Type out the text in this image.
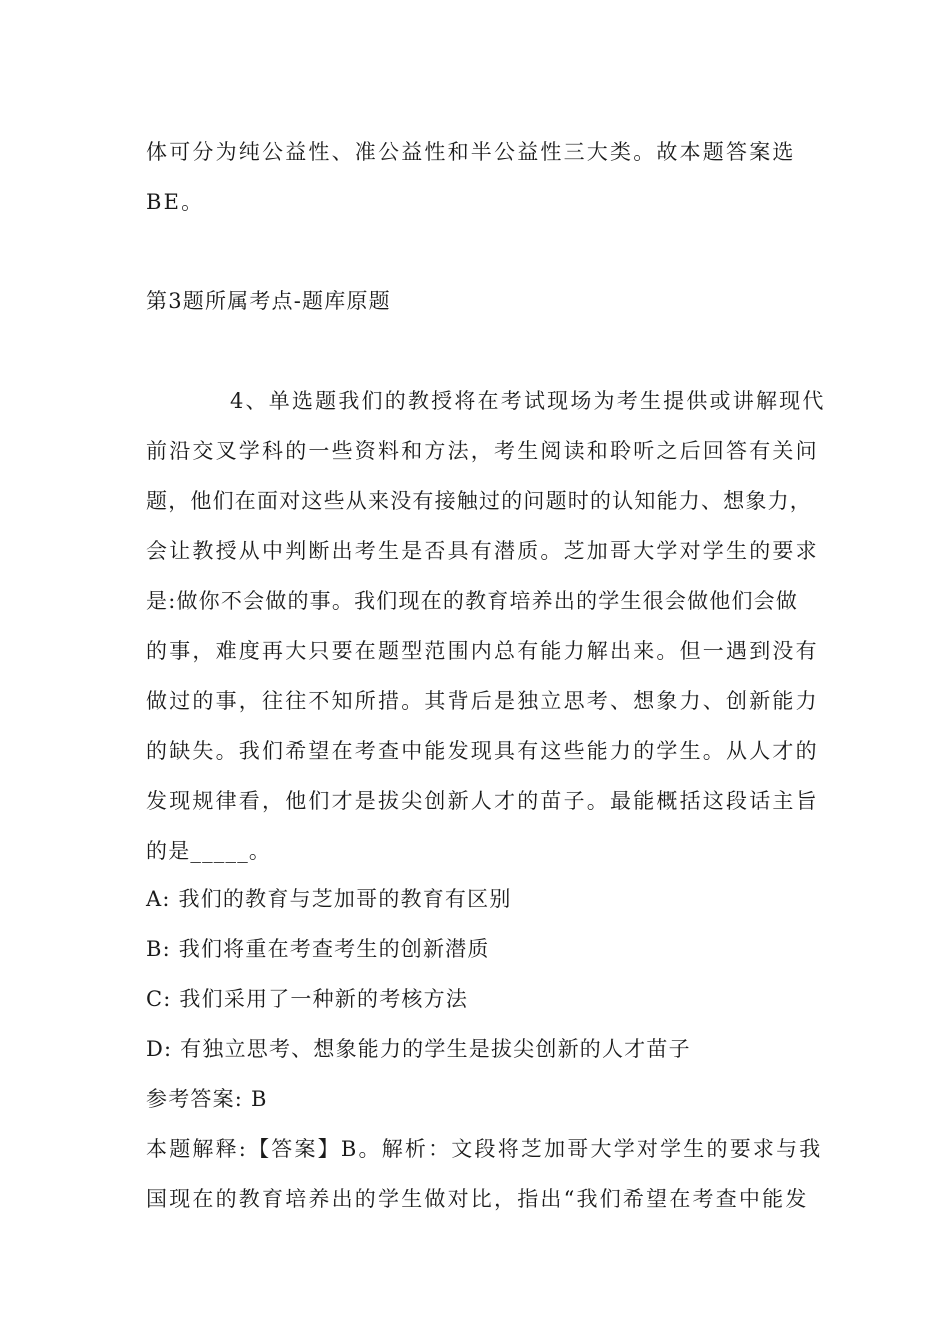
体可分为纯公益性、准公益性和半公益性三大类。故本题答案选
BE。
第3题所属考点-题库原题
4、单选题我们的教授将在考试现场为考生提供或讲解现代
前沿交叉学科的一些资料和方法，考生阅读和聆听之后回答有关问
题，他们在面对这些从来没有接触过的问题时的认知能力、想象力，
会让教授从中判断出考生是否具有潜质。芝加哥大学对学生的要求
是:做你不会做的事。我们现在的教育培养出的学生很会做他们会做
的事，难度再大只要在题型范围内总有能力解出来。但一遇到没有
做过的事，往往不知所措。其背后是独立思考、想象力、创新能力
的缺失。我们希望在考查中能发现具有这些能力的学生。从人才的
发现规律看，他们才是拔尖创新人才的苗子。最能概括这段话主旨
的是_____。
A: 我们的教育与芝加哥的教育有区别
B: 我们将重在考查考生的创新潜质
C: 我们采用了一种新的考核方法
D: 有独立思考、想象能力的学生是拔尖创新的人才苗子
参考答案: B
本题解释:【答案】B。解析：文段将芝加哥大学对学生的要求与我
国现在的教育培养出的学生做对比，指出“我们希望在考查中能发
